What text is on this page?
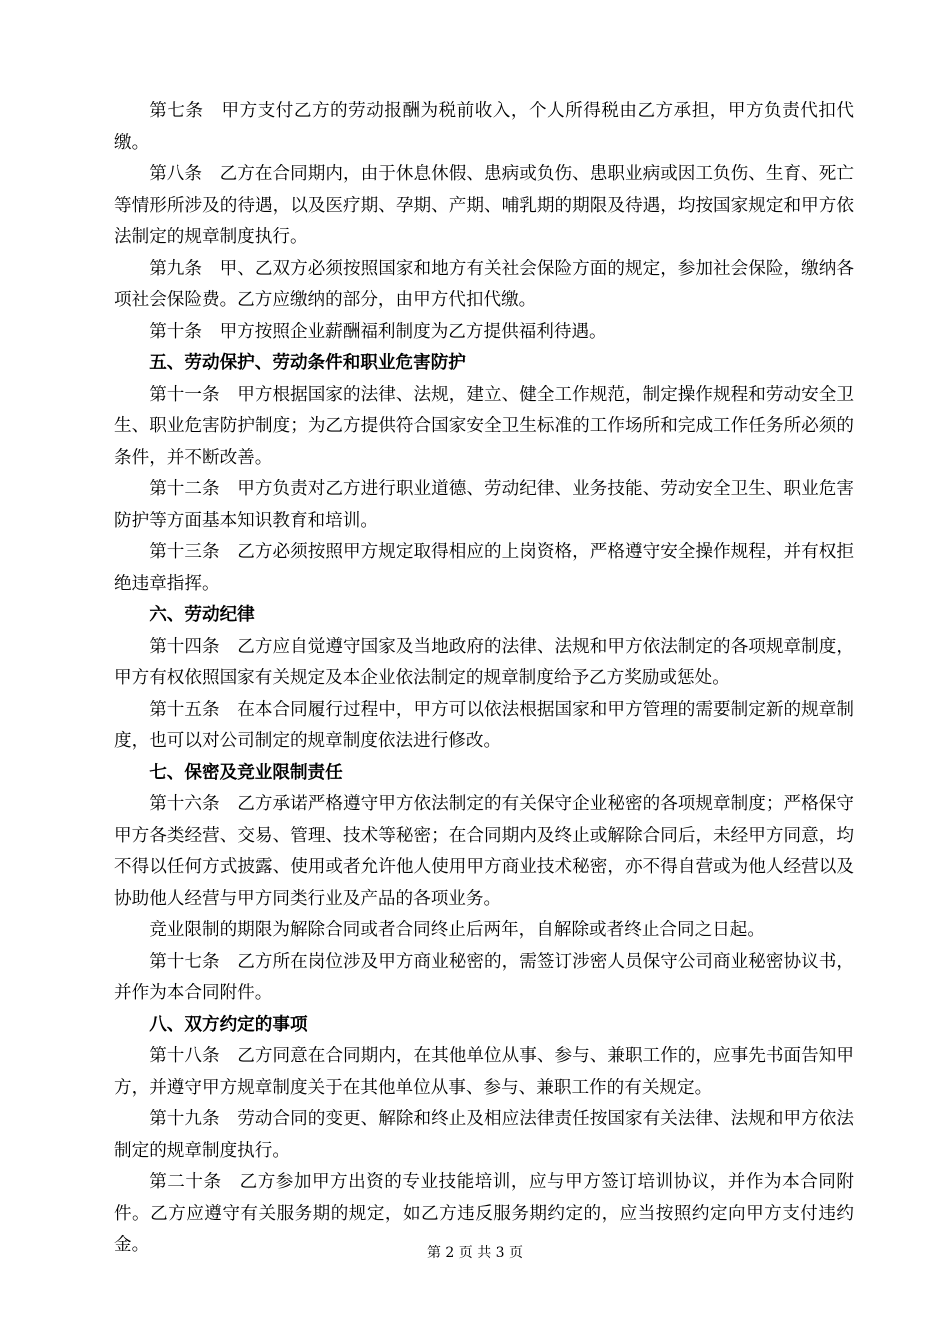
第七条　甲方支付乙方的劳动报酬为税前收入，个人所得税由乙方承担，甲方负责代扣代缴。

第八条　乙方在合同期内，由于休息休假、患病或负伤、患职业病或因工负伤、生育、死亡等情形所涉及的待遇，以及医疗期、孕期、产期、哺乳期的期限及待遇，均按国家规定和甲方依法制定的规章制度执行。

第九条　甲、乙双方必须按照国家和地方有关社会保险方面的规定，参加社会保险，缴纳各项社会保险费。乙方应缴纳的部分，由甲方代扣代缴。

第十条　甲方按照企业薪酬福利制度为乙方提供福利待遇。

五、劳动保护、劳动条件和职业危害防护

第十一条　甲方根据国家的法律、法规，建立、健全工作规范，制定操作规程和劳动安全卫生、职业危害防护制度；为乙方提供符合国家安全卫生标准的工作场所和完成工作任务所必须的条件，并不断改善。

第十二条　甲方负责对乙方进行职业道德、劳动纪律、业务技能、劳动安全卫生、职业危害防护等方面基本知识教育和培训。

第十三条　乙方必须按照甲方规定取得相应的上岗资格，严格遵守安全操作规程，并有权拒绝违章指挥。

六、劳动纪律

第十四条　乙方应自觉遵守国家及当地政府的法律、法规和甲方依法制定的各项规章制度，甲方有权依照国家有关规定及本企业依法制定的规章制度给予乙方奖励或惩处。

第十五条　在本合同履行过程中，甲方可以依法根据国家和甲方管理的需要制定新的规章制度，也可以对公司制定的规章制度依法进行修改。

七、保密及竞业限制责任

第十六条　乙方承诺严格遵守甲方依法制定的有关保守企业秘密的各项规章制度；严格保守甲方各类经营、交易、管理、技术等秘密；在合同期内及终止或解除合同后，未经甲方同意，均不得以任何方式披露、使用或者允许他人使用甲方商业技术秘密，亦不得自营或为他人经营以及协助他人经营与甲方同类行业及产品的各项业务。

竞业限制的期限为解除合同或者合同终止后两年，自解除或者终止合同之日起。

第十七条　乙方所在岗位涉及甲方商业秘密的，需签订涉密人员保守公司商业秘密协议书，并作为本合同附件。

八、双方约定的事项

第十八条　乙方同意在合同期内，在其他单位从事、参与、兼职工作的，应事先书面告知甲方，并遵守甲方规章制度关于在其他单位从事、参与、兼职工作的有关规定。

第十九条　劳动合同的变更、解除和终止及相应法律责任按国家有关法律、法规和甲方依法制定的规章制度执行。

第二十条　乙方参加甲方出资的专业技能培训，应与甲方签订培训协议，并作为本合同附件。乙方应遵守有关服务期的规定，如乙方违反服务期约定的，应当按照约定向甲方支付违约金。	第 2 页 共 3 页
